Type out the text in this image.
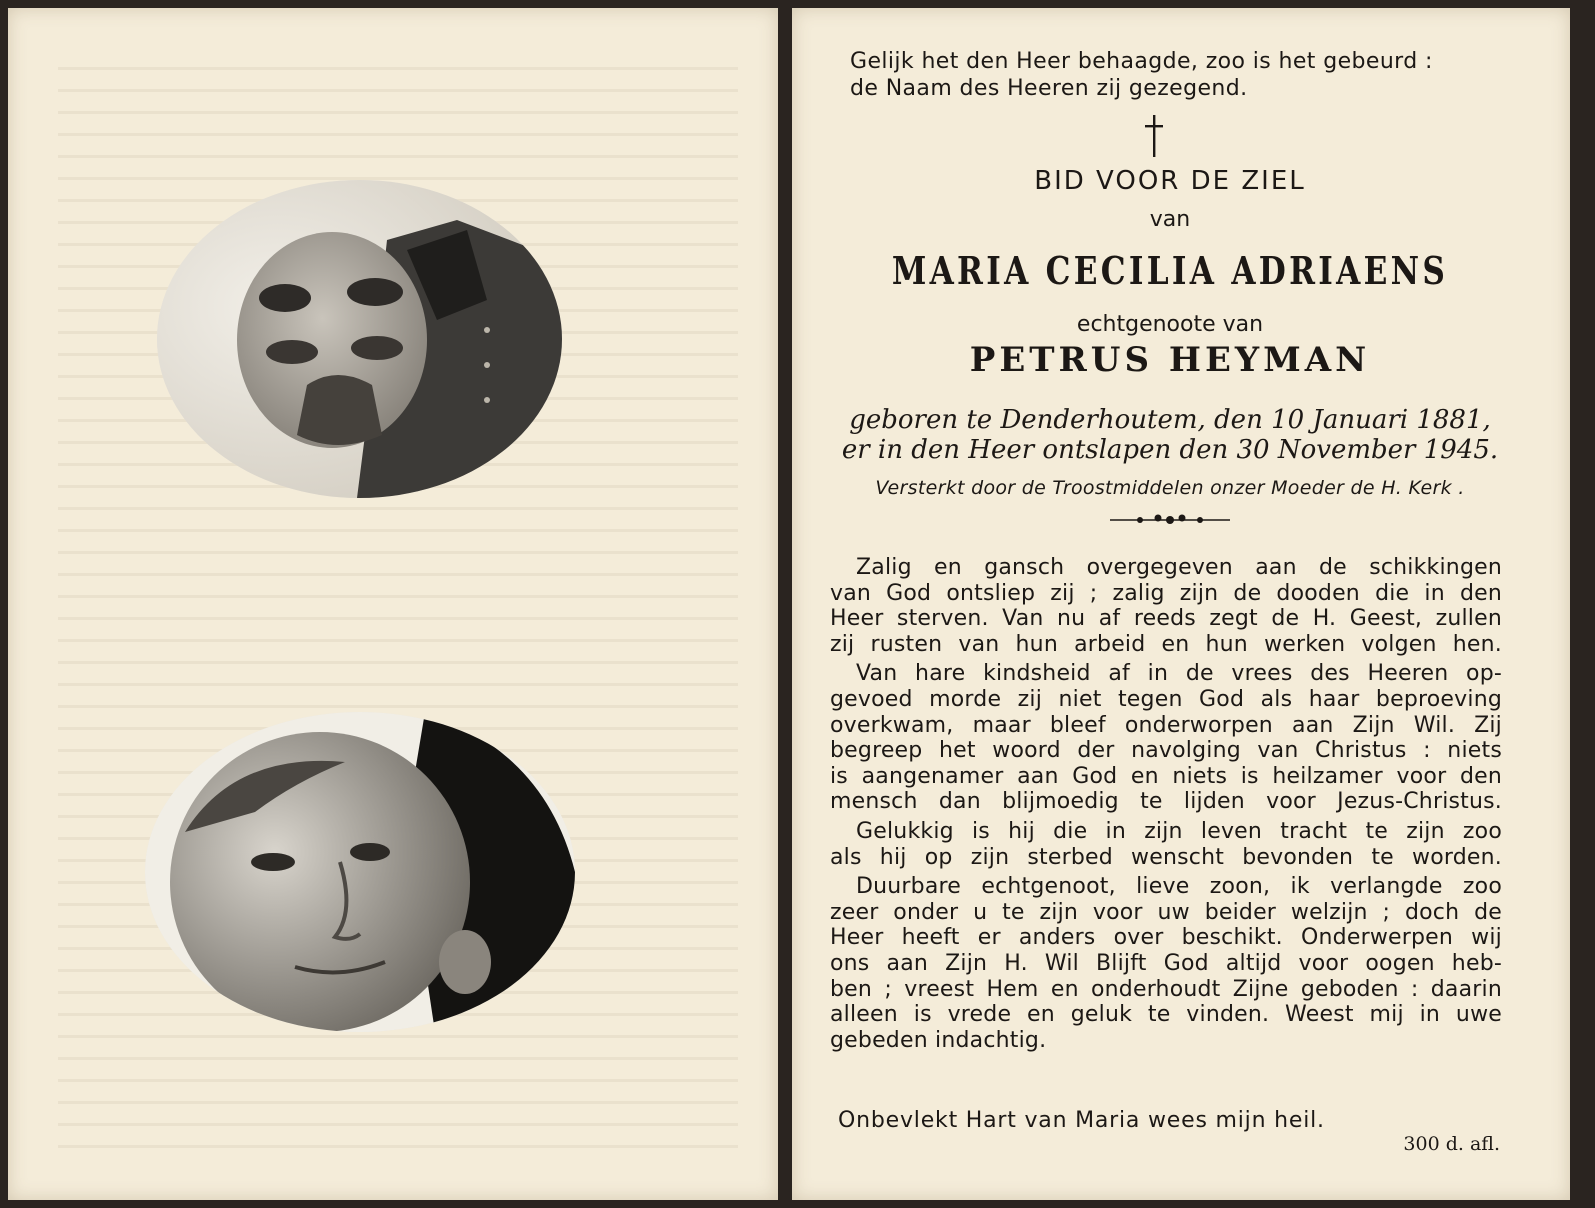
Gelijk het den Heer behaagde, zoo is het gebeurd :
de Naam des Heeren zij gezegend.
BID VOOR DE ZIEL
van
MARIA CECILIA ADRIAENS
echtgenoote van
PETRUS HEYMAN
geboren te Denderhoutem, den 10 Januari 1881,
er in den Heer ontslapen den 30 November 1945.
Versterkt door de Troostmiddelen onzer Moeder de H. Kerk .
Zalig en gansch overgegeven aan de schikkingen
van God ontsliep zij ; zalig zijn de dooden die in den
Heer sterven. Van nu af reeds zegt de H. Geest, zullen
zij rusten van hun arbeid en hun werken volgen hen.
Van hare kindsheid af in de vrees des Heeren op-
gevoed morde zij niet tegen God als haar beproeving
overkwam, maar bleef onderworpen aan Zijn Wil. Zij
begreep het woord der navolging van Christus : niets
is aangenamer aan God en niets is heilzamer voor den
mensch dan blijmoedig te lijden voor Jezus-Christus.
Gelukkig is hij die in zijn leven tracht te zijn zoo
als hij op zijn sterbed wenscht bevonden te worden.
Duurbare echtgenoot, lieve zoon, ik verlangde zoo
zeer onder u te zijn voor uw beider welzijn ; doch de
Heer heeft er anders over beschikt. Onderwerpen wij
ons aan Zijn H. Wil Blijft God altijd voor oogen heb-
ben ; vreest Hem en onderhoudt Zijne geboden : daarin
alleen is vrede en geluk te vinden. Weest mij in uwe
gebeden indachtig.
Onbevlekt Hart van Maria wees mijn heil.
300 d. afl.
